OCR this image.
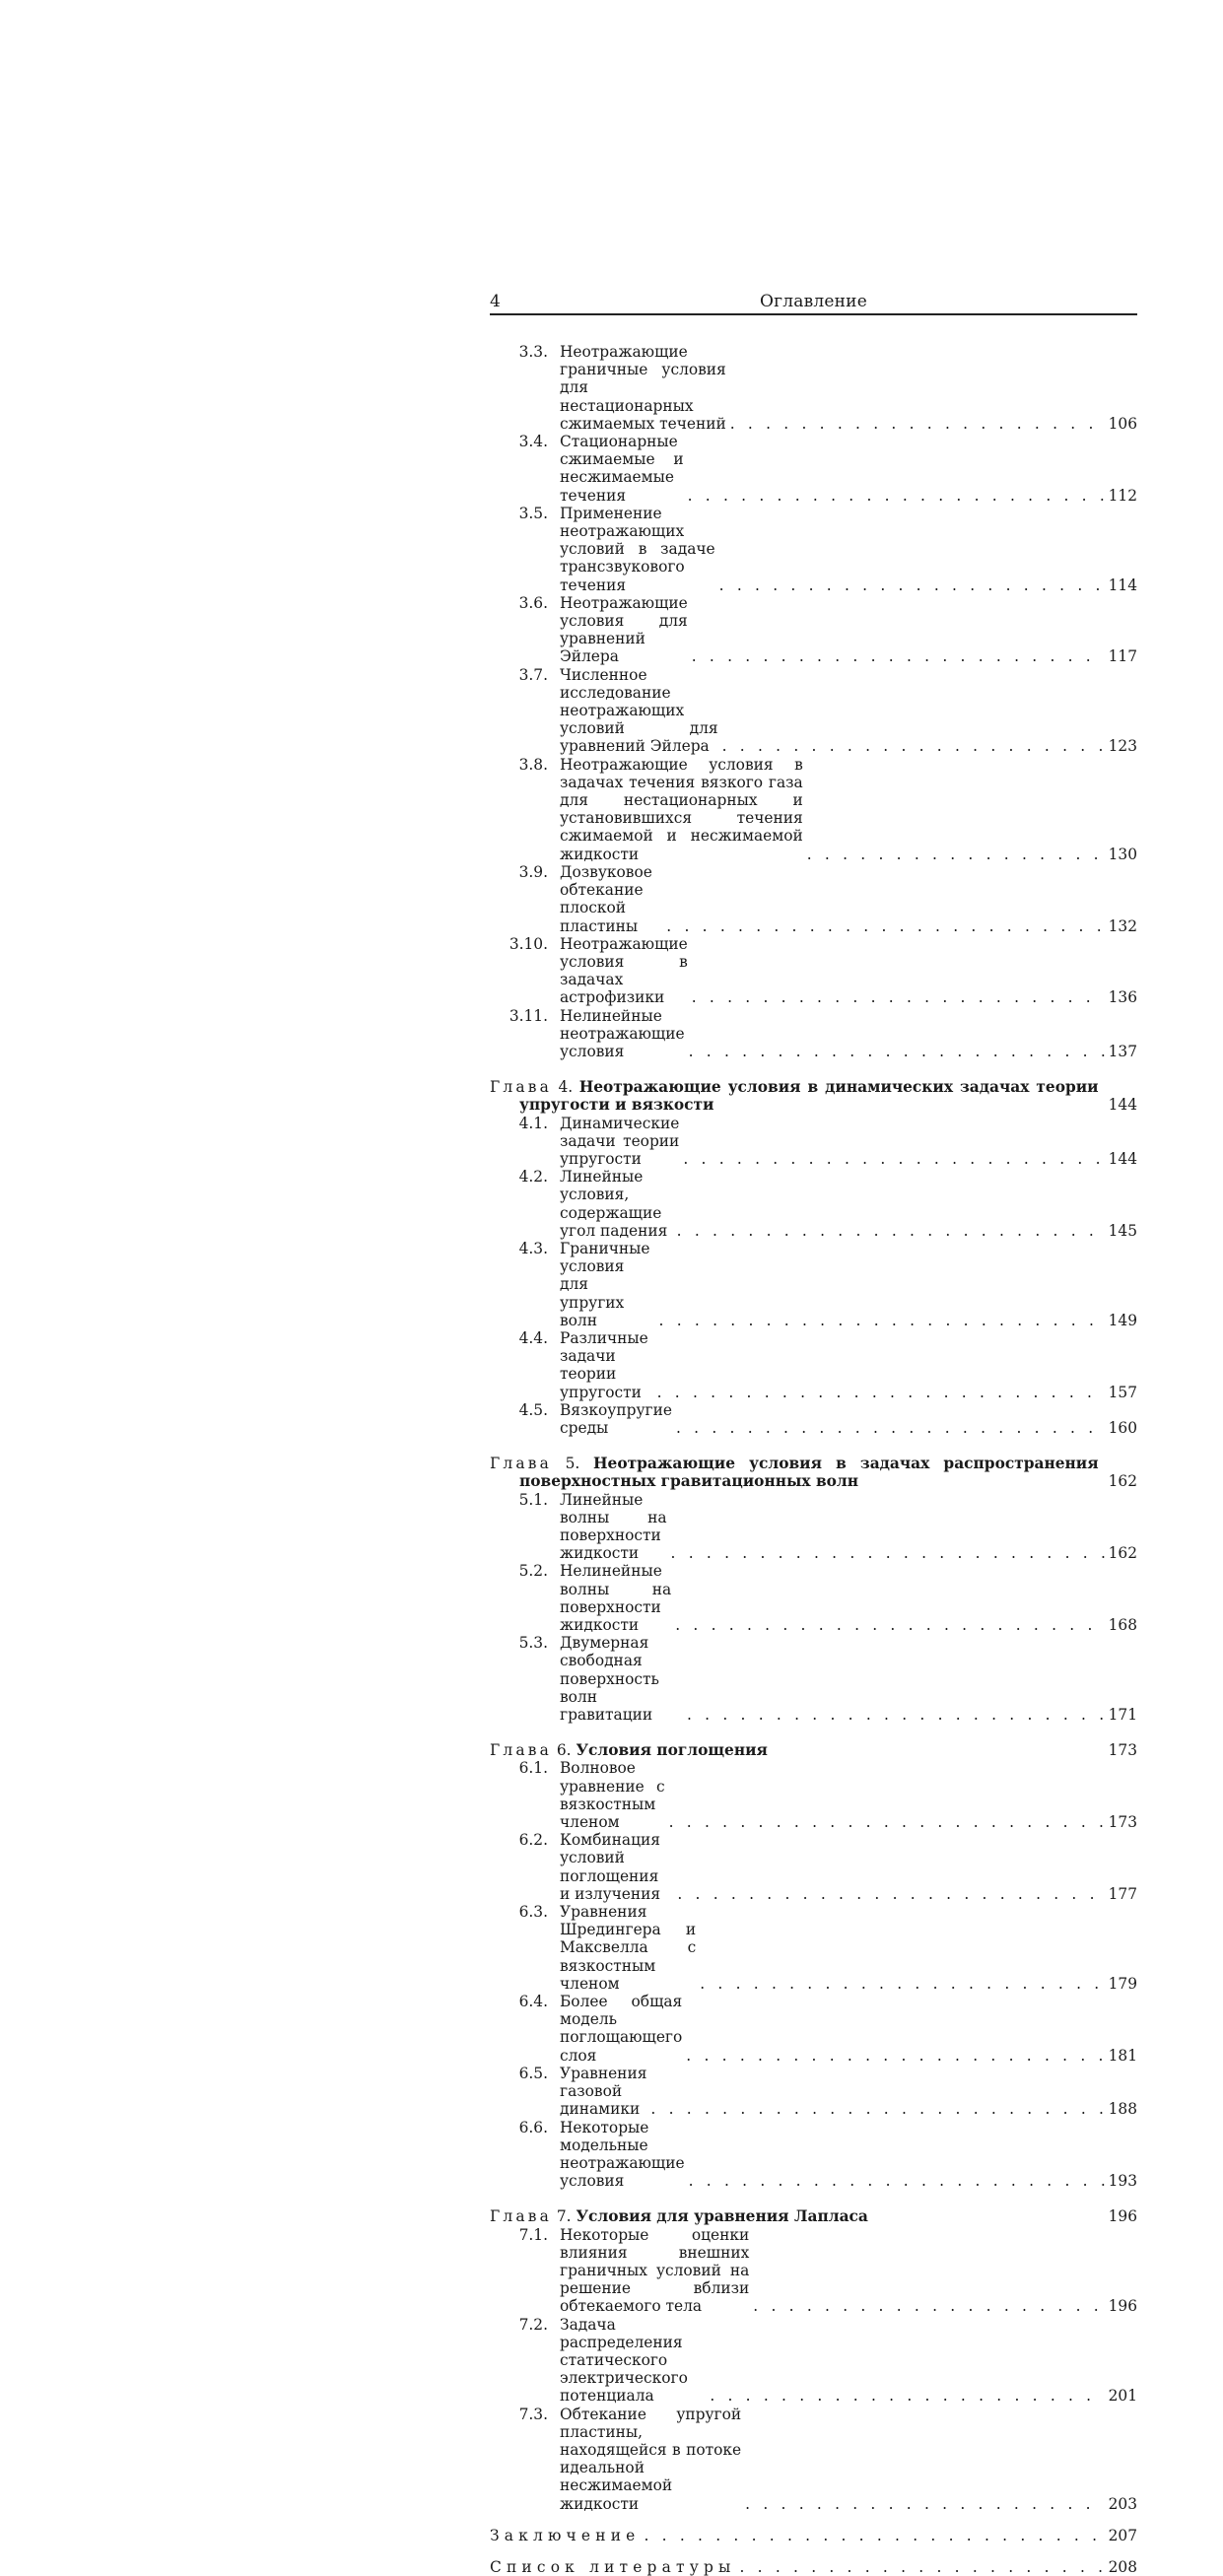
4	Оглавление
3.3. Неотражающие граничные условия для нестационарных сжимаемых течений . . .	106
3.4. Стационарные сжимаемые и несжимаемые течения . . .	112
3.5. Применение неотражающих условий в задаче трансзвукового течения . . .	114
3.6. Неотражающие условия для уравнений Эйлера . . .	117
3.7. Численное исследование неотражающих условий для уравнений Эйлера . . .	123
3.8. Неотражающие условия в задачах течения вязкого газа для нестационарных и установившихся течения сжимаемой и несжимаемой жидкости . . .	130
3.9. Дозвуковое обтекание плоской пластины . . .	132
3.10. Неотражающие условия в задачах астрофизики . . .	136
3.11. Нелинейные неотражающие условия . . .	137
Глава 4. Неотражающие условия в динамических задачах теории упругости и вязкости	144
4.1. Динамические задачи теории упругости . . .	144
4.2. Линейные условия, содержащие угол падения . . .	145
4.3. Граничные условия для упругих волн . . .	149
4.4. Различные задачи теории упругости . . .	157
4.5. Вязкоупругие среды . . .	160
Глава 5. Неотражающие условия в задачах распространения поверхностных гравитационных волн	162
5.1. Линейные волны на поверхности жидкости . . .	162
5.2. Нелинейные волны на поверхности жидкости . . .	168
5.3. Двумерная свободная поверхность волн гравитации . . .	171
Глава 6. Условия поглощения	173
6.1. Волновое уравнение с вязкостным членом . . .	173
6.2. Комбинация условий поглощения и излучения . . .	177
6.3. Уравнения Шредингера и Максвелла с вязкостным членом . . .	179
6.4. Более общая модель поглощающего слоя . . .	181
6.5. Уравнения газовой динамики . . .	188
6.6. Некоторые модельные неотражающие условия . . .	193
Глава 7. Условия для уравнения Лапласа	196
7.1. Некоторые оценки влияния внешних граничных условий на решение вблизи обтекаемого тела . . .	196
7.2. Задача распределения статического электрического потенциала . . .	201
7.3. Обтекание упругой пластины, находящейся в потоке идеальной несжимаемой жидкости . . .	203
Заключение . . .	207
Список литературы . . .	208
